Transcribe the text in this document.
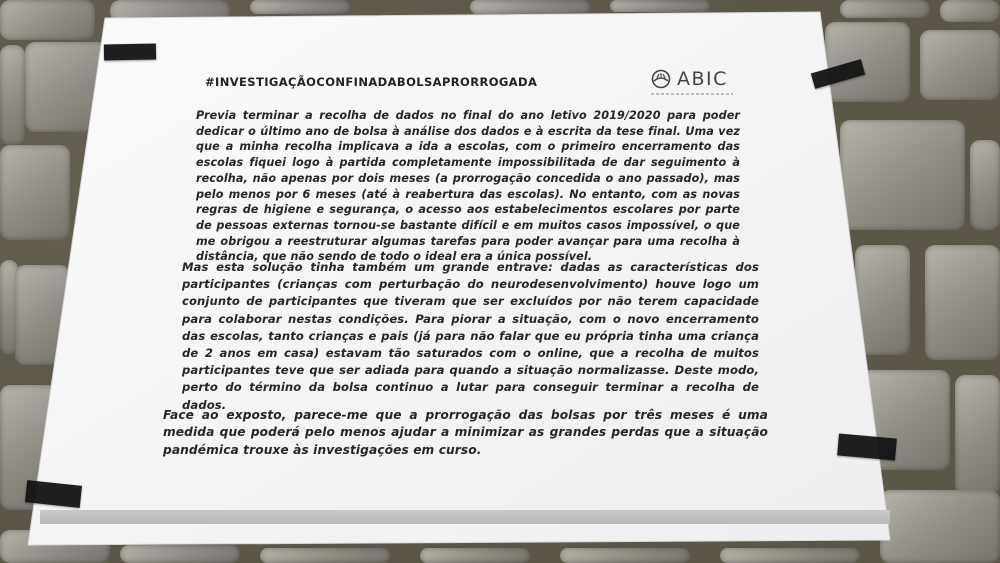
#INVESTIGAÇÃOCONFINADABOLSAPRORROGADA	ABIC

Previa terminar a recolha de dados no final do ano letivo 2019/2020 para poder dedicar o último ano de bolsa à análise dos dados e à escrita da tese final. Uma vez que a minha recolha implicava a ida a escolas, com o primeiro encerramento das escolas fiquei logo à partida completamente impossibilitada de dar seguimento à recolha, não apenas por dois meses (a prorrogação concedida o ano passado), mas pelo menos por 6 meses (até à reabertura das escolas). No entanto, com as novas regras de higiene e segurança, o acesso aos estabelecimentos escolares por parte de pessoas externas tornou-se bastante difícil e em muitos casos impossível, o que me obrigou a reestruturar algumas tarefas para poder avançar para uma recolha à distância, que não sendo de todo o ideal era a única possível.

Mas esta solução tinha também um grande entrave: dadas as características dos participantes (crianças com perturbação do neurodesenvolvimento) houve logo um conjunto de participantes que tiveram que ser excluídos por não terem capacidade para colaborar nestas condições. Para piorar a situação, com o novo encerramento das escolas, tanto crianças e pais (já para não falar que eu própria tinha uma criança de 2 anos em casa) estavam tão saturados com o online, que a recolha de muitos participantes teve que ser adiada para quando a situação normalizasse. Deste modo, perto do término da bolsa continuo a lutar para conseguir terminar a recolha de dados.

Face ao exposto, parece-me que a prorrogação das bolsas por três meses é uma medida que poderá pelo menos ajudar a minimizar as grandes perdas que a situação pandémica trouxe às investigações em curso.
